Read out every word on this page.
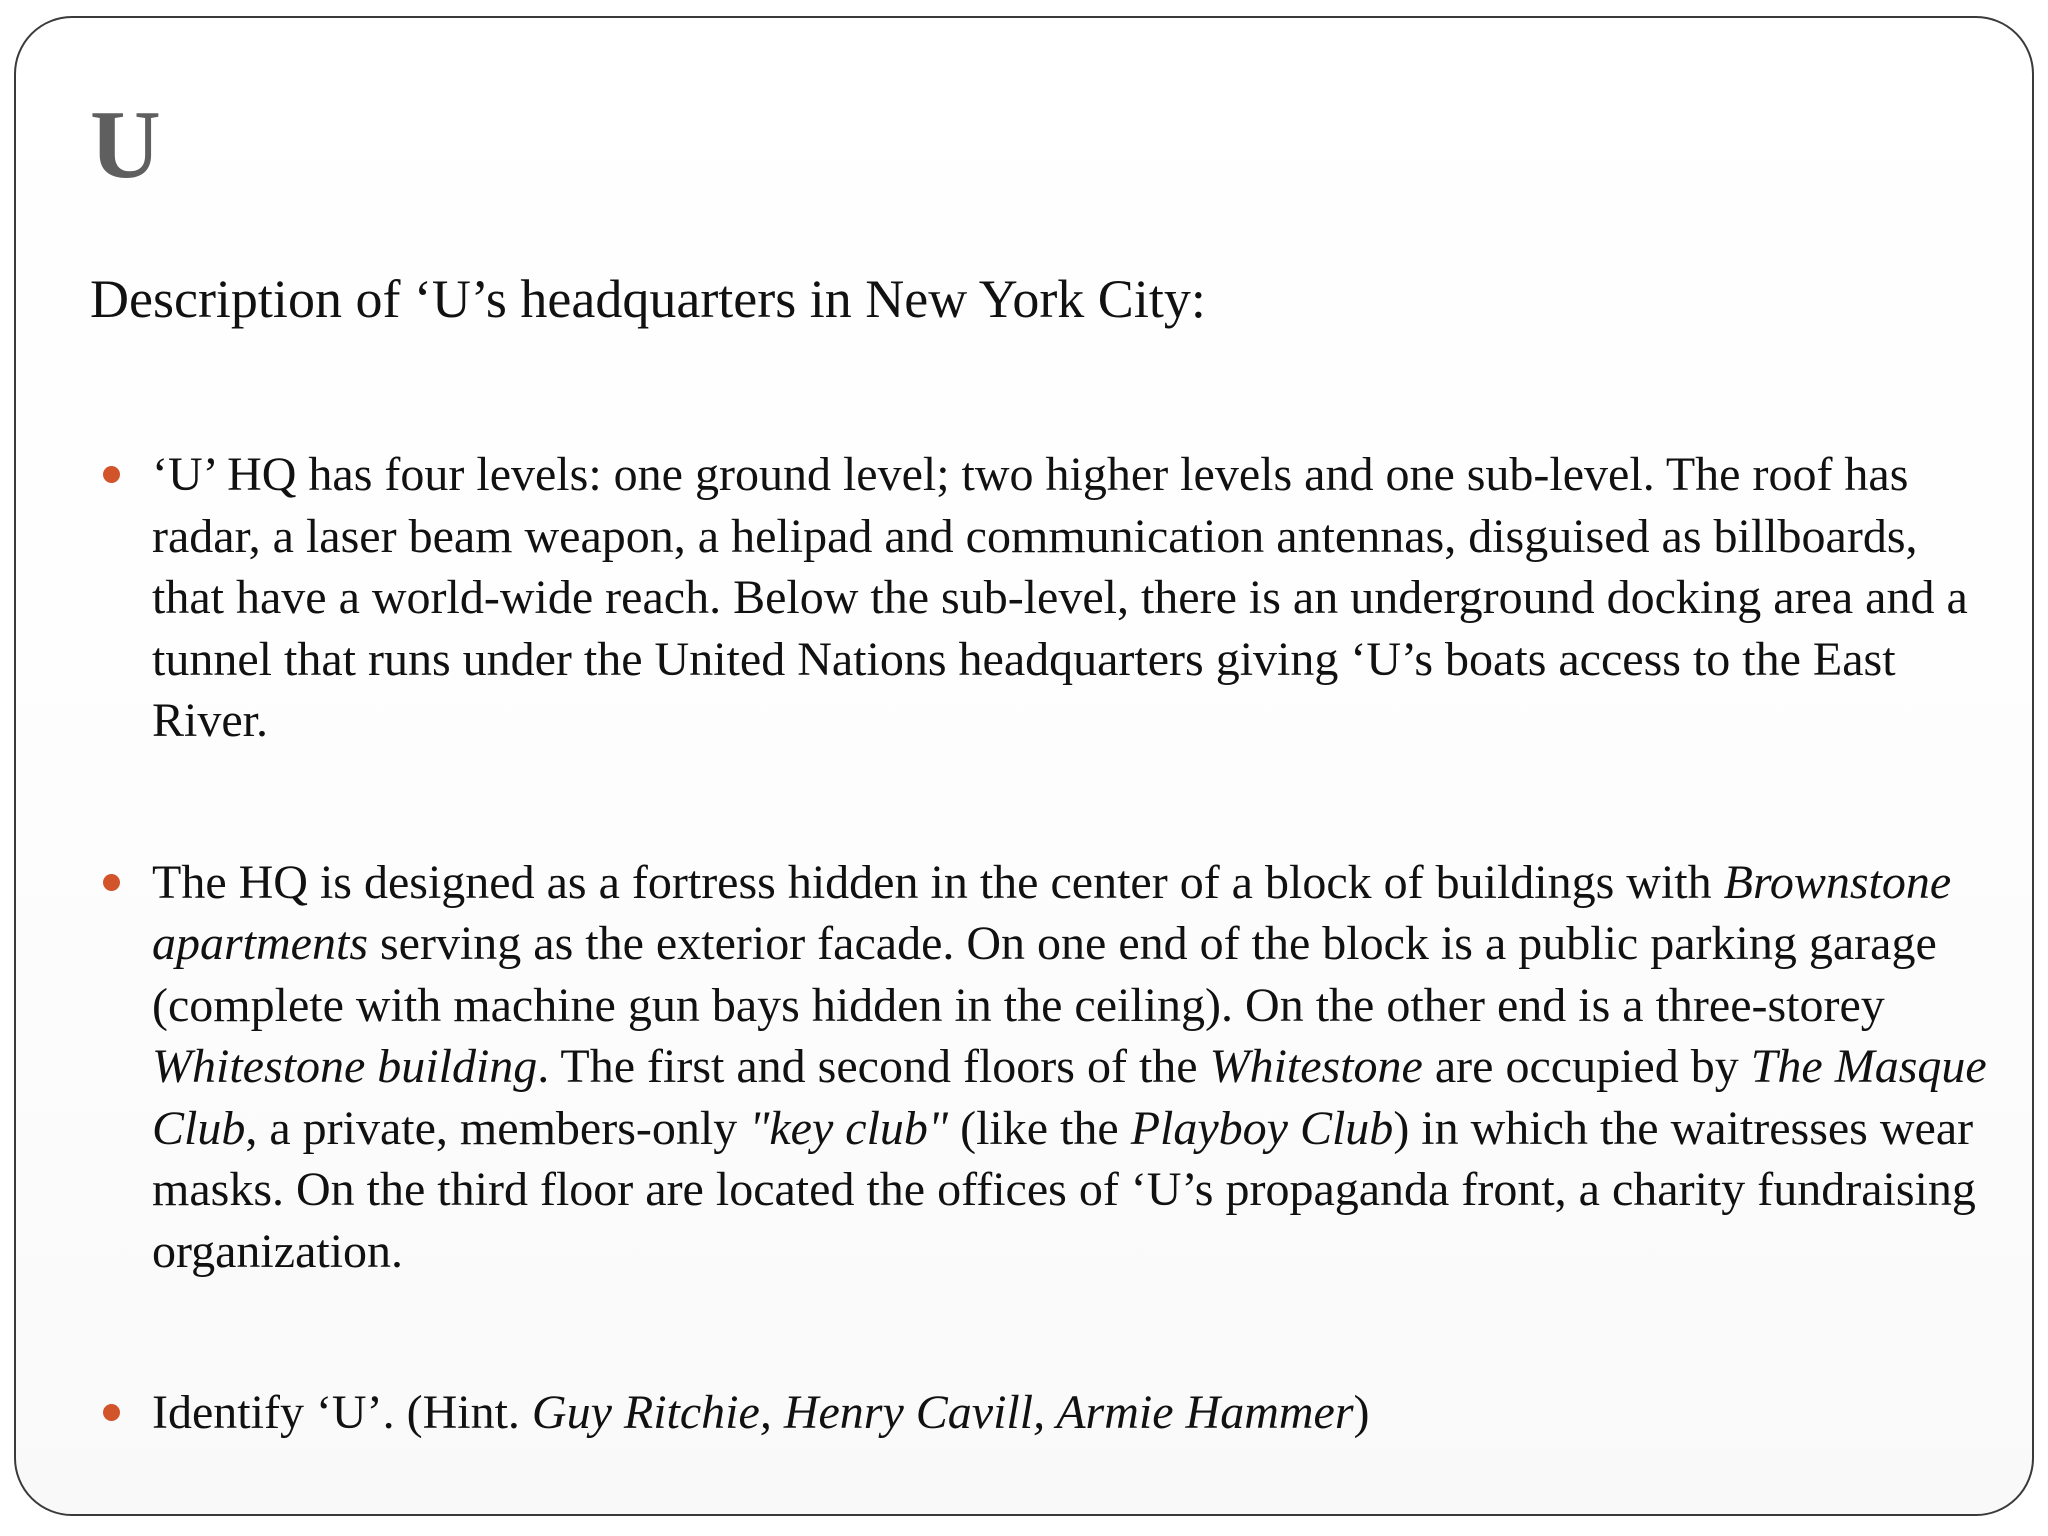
U

Description of ‘U’s headquarters in New York City:

‘U’ HQ has four levels: one ground level; two higher levels and one sub-level. The roof has radar, a laser beam weapon, a helipad and communication antennas, disguised as billboards, that have a world-wide reach. Below the sub-level, there is an underground docking area and a tunnel that runs under the United Nations headquarters giving ‘U’s boats access to the East River.
The HQ is designed as a fortress hidden in the center of a block of buildings with Brownstone apartments serving as the exterior facade. On one end of the block is a public parking garage (complete with machine gun bays hidden in the ceiling). On the other end is a three-storey Whitestone building. The first and second floors of the Whitestone are occupied by The Masque Club, a private, members-only "key club" (like the Playboy Club) in which the waitresses wear masks. On the third floor are located the offices of ‘U’s propaganda front, a charity fundraising organization.
Identify ‘U’. (Hint. Guy Ritchie, Henry Cavill, Armie Hammer)
